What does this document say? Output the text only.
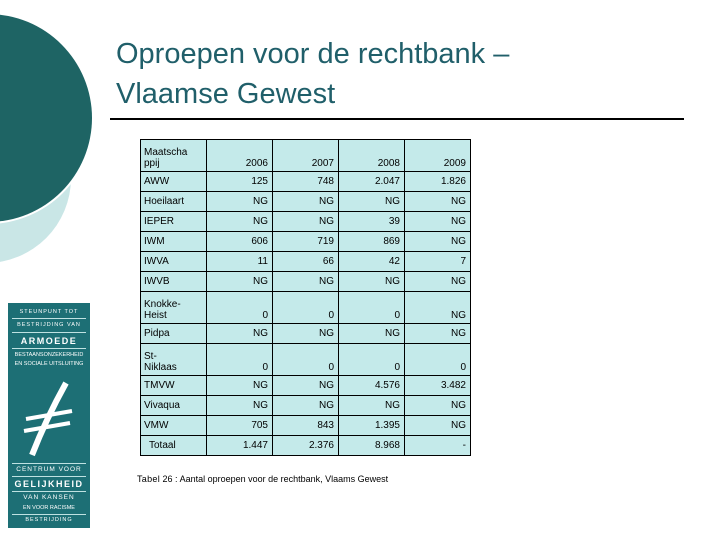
Oproepen voor de rechtbank –
Vlaamse Gewest
Maatscha
ppij	2006	2007	2008	2009
AWW	125	748	2.047	1.826
Hoeilaart	NG	NG	NG	NG
IEPER	NG	NG	39	NG
IWM	606	719	869	NG
IWVA	11	66	42	7
IWVB	NG	NG	NG	NG
Knokke-
Heist	0	0	0	NG
Pidpa	NG	NG	NG	NG
St-
Niklaas	0	0	0	0
TMVW	NG	NG	4.576	3.482
Vivaqua	NG	NG	NG	NG
VMW	705	843	1.395	NG
Totaal	1.447	2.376	8.968	-
Tabel 26 : Aantal oproepen voor de rechtbank, Vlaams Gewest
STEUNPUNT TOT
BESTRIJDING VAN
ARMOEDE
BESTAANSONZEKERHEID
EN SOCIALE UITSLUITING
CENTRUM VOOR
GELIJKHEID
VAN KANSEN
EN VOOR RACISME
BESTRIJDING
